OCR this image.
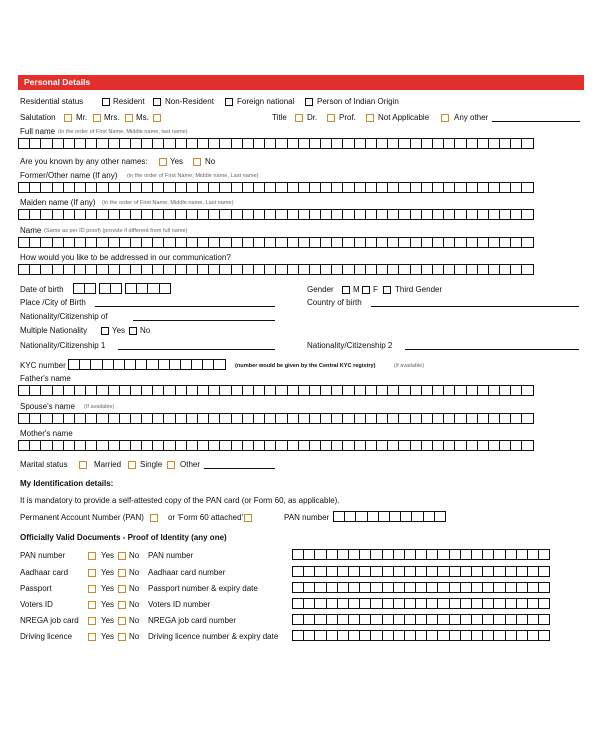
Personal Details
Residential status	Resident	Non-Resident	Foreign national	Person of Indian Origin
Salutation	Mr. Mrs. Ms.	Title	Dr.	Prof.	Not Applicable	Any other
Full name (in the order of First Name, Middle name, last name)
Are you known by any other names:	Yes	No
Former/Other name (If any) (in the order of First Name, Middle name, Last name)
Maiden name (If any) (in the order of First Name, Middle name, Last name)
Name (Same as per ID proof) (provide if different from full name)
How would you like to be addressed in our communication?
Date of birth	Gender M F Third Gender
Place /City of Birth	Country of birth
Nationality/Citizenship of
Multiple Nationality	Yes No
Nationality/Citizenship 1	Nationality/Citizenship 2
KYC number	(number would be given by the Central KYC registry)	(if available)
Father's name
Spouse's name (If available)
Mother's name
Marital status	Married Single Other
My Identification details:
It is mandatory to provide a self-attested copy of the PAN card (or Form 60, as applicable).
Permanent Account Number (PAN)	or 'Form 60 attached'	PAN number
Officially Valid Documents - Proof of Identity (any one)
PAN number	Yes No PAN number
Aadhaar card	Yes No Aadhaar card number
Passport	Yes No Passport number & expiry date
Voters ID	Yes No Voters ID number
NREGA job card	Yes No NREGA job card number
Driving licence	Yes No Driving licence number & expiry date
